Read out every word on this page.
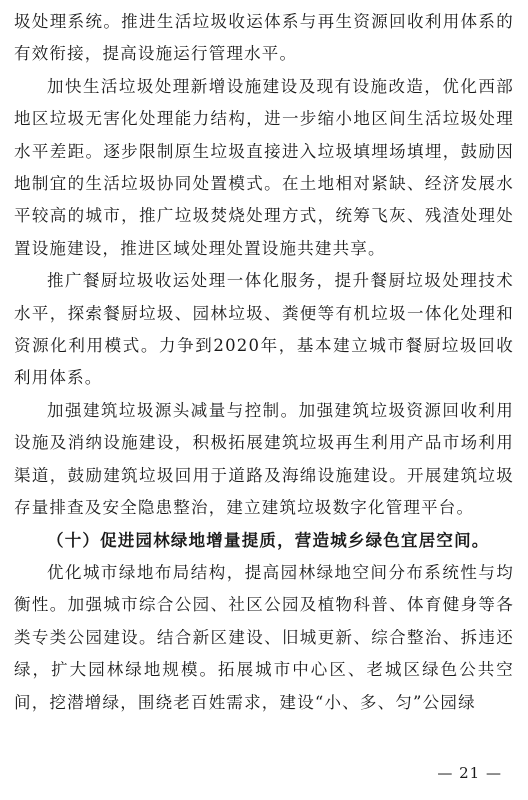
圾处理系统。推进生活垃圾收运体系与再生资源回收利用体系的有效衔接，提高设施运行管理水平。

加快生活垃圾处理新增设施建设及现有设施改造，优化西部地区垃圾无害化处理能力结构，进一步缩小地区间生活垃圾处理水平差距。逐步限制原生垃圾直接进入垃圾填埋场填埋，鼓励因地制宜的生活垃圾协同处置模式。在土地相对紧缺、经济发展水平较高的城市，推广垃圾焚烧处理方式，统筹飞灰、残渣处理处置设施建设，推进区域处理处置设施共建共享。

推广餐厨垃圾收运处理一体化服务，提升餐厨垃圾处理技术水平，探索餐厨垃圾、园林垃圾、粪便等有机垃圾一体化处理和资源化利用模式。力争到2020年，基本建立城市餐厨垃圾回收利用体系。

加强建筑垃圾源头减量与控制。加强建筑垃圾资源回收利用设施及消纳设施建设，积极拓展建筑垃圾再生利用产品市场利用渠道，鼓励建筑垃圾回用于道路及海绵设施建设。开展建筑垃圾存量排查及安全隐患整治，建立建筑垃圾数字化管理平台。

（十）促进园林绿地增量提质，营造城乡绿色宜居空间。

优化城市绿地布局结构，提高园林绿地空间分布系统性与均衡性。加强城市综合公园、社区公园及植物科普、体育健身等各类专类公园建设。结合新区建设、旧城更新、综合整治、拆违还绿，扩大园林绿地规模。拓展城市中心区、老城区绿色公共空间，挖潜增绿，围绕老百姓需求，建设“小、多、匀”公园绿

— 21 —
